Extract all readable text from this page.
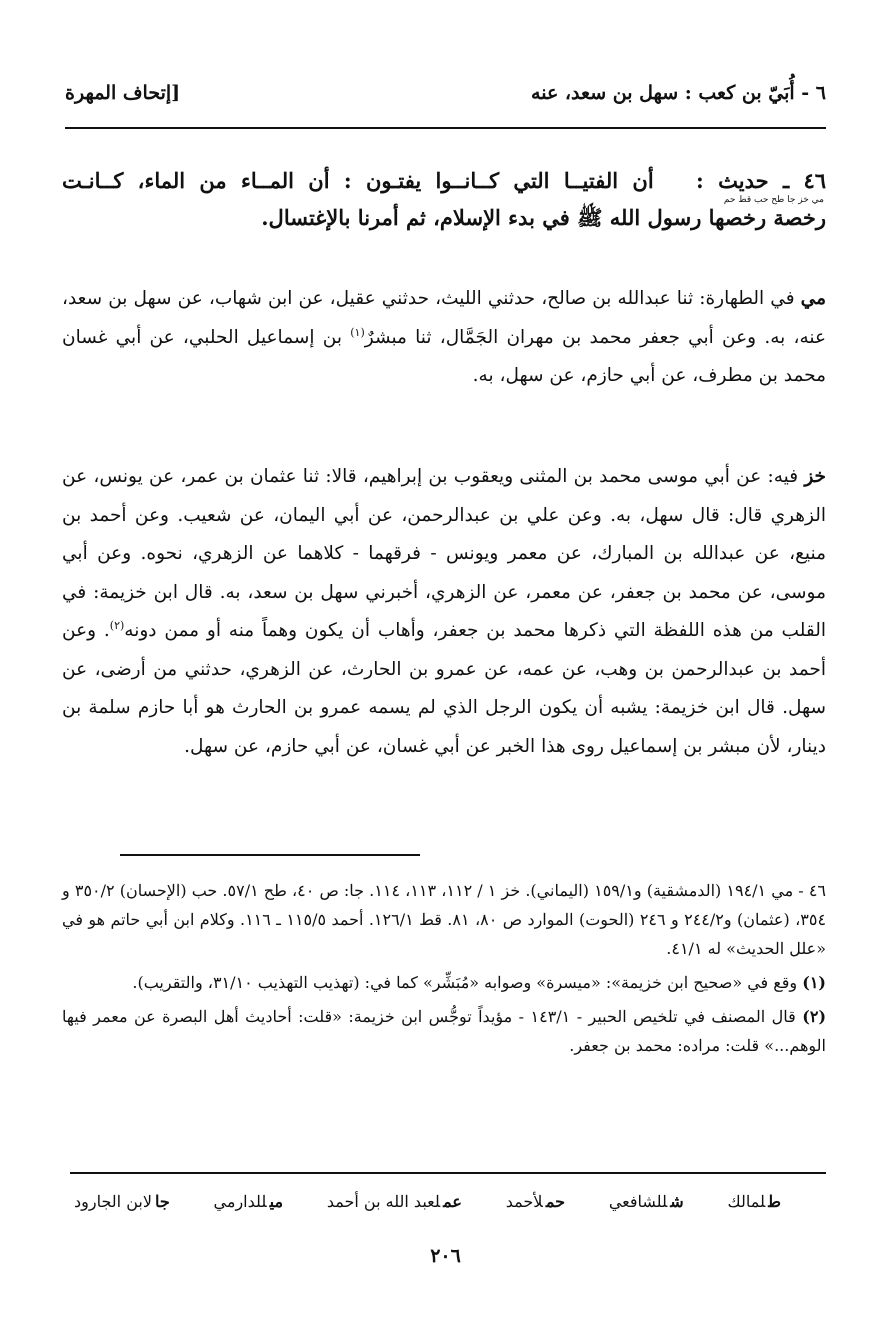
٦ - أُبَيّ بن كعب : سهل بن سعد، عنه
[إتحاف المهرة
٤٦ ـ حديث : أن الفتيــا التي كــانــوا يفتـون : أن المــاء من الماء، كــانـت
مي خز جا طح حب قط حم
رخصة رخصها رسول الله ﷺ في بدء الإسلام، ثم أمرنا بالإغتسال.

مي في الطهارة: ثنا عبدالله بن صالح، حدثني الليث، حدثني عقيل، عن ابن شهاب، عن سهل بن سعد، عنه، به. وعن أبي جعفر محمد بن مهران الجَمَّال، ثنا مبشرٌ$^{(١)}$ بن إسماعيل الحلبي، عن أبي غسان محمد بن مطرف، عن أبي حازم، عن سهل، به.

خز فيه: عن أبي موسى محمد بن المثنى ويعقوب بن إبراهيم، قالا: ثنا عثمان بن عمر، عن يونس، عن الزهري قال: قال سهل، به. وعن علي بن عبدالرحمن، عن أبي اليمان، عن شعيب. وعن أحمد بن منيع، عن عبدالله بن المبارك، عن معمر ويونس - فرقهما - كلاهما عن الزهري، نحوه. وعن أبي موسى، عن محمد بن جعفر، عن معمر، عن الزهري، أخبرني سهل بن سعد، به. قال ابن خزيمة: في القلب من هذه اللفظة التي ذكرها محمد بن جعفر، وأهاب أن يكون وهماً منه أو ممن دونه$^{(٢)}$. وعن أحمد بن عبدالرحمن بن وهب، عن عمه، عن عمرو بن الحارث، عن الزهري، حدثني من أرضى، عن سهل. قال ابن خزيمة: يشبه أن يكون الرجل الذي لم يسمه عمرو بن الحارث هو أبا حازم سلمة بن دينار، لأن مبشر بن إسماعيل روى هذا الخبر عن أبي غسان، عن أبي حازم، عن سهل.

٤٦ - مي ١٩٤/١ (الدمشقية) و١٥٩/١ (اليماني). خز ١ / ١١٢، ١١٣، ١١٤. جا: ص ٤٠، طح ٥٧/١. حب (الإحسان) ٣٥٠/٢ و ٣٥٤، (عثمان) و٢٤٤/٢ و ٢٤٦ (الحوت) الموارد ص ٨٠، ٨١. قط ١٢٦/١. أحمد ١١٥/٥ ـ ١١٦. وكلام ابن أبي حاتم هو في «علل الحديث» له ٤١/١.

(١) وقع في «صحيح ابن خزيمة»: «ميسرة» وصوابه «مُبَشِّر» كما في: (تهذيب التهذيب ٣١/١٠، والتقريب).

(٢) قال المصنف في تلخيص الحبير - ١٤٣/١ - مؤيداً توجُّس ابن خزيمة: «قلت: أحاديث أهل البصرة عن معمر فيها الوهم...» قلت: مراده: محمد بن جعفر.

طلمالك
شللشافعي
حملأحمد
عملعبد الله بن أحمد
ميللدارمي
جالابن الجارود
٢٠٦
